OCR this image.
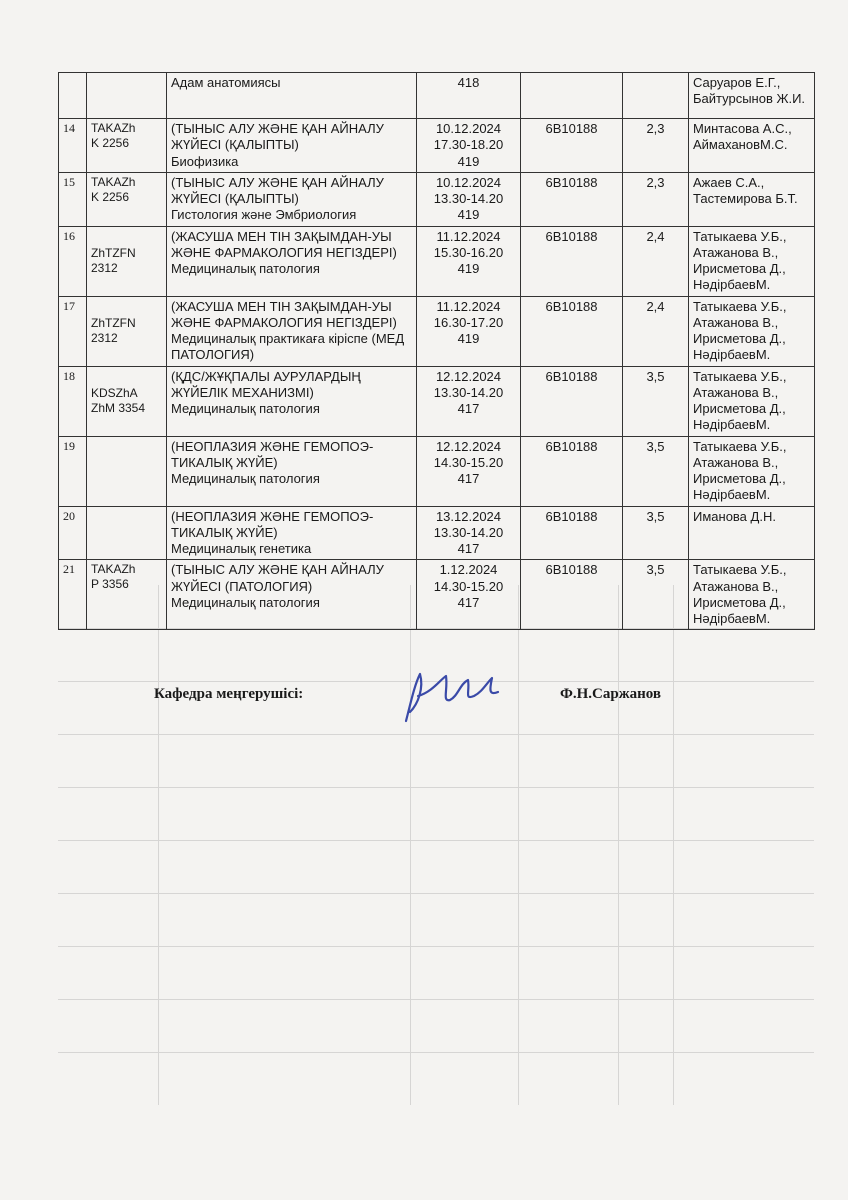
		Адам анатомиясы	418			Саруаров Е.Г.,
Байтурсынов Ж.И.

14	TAKAZh
K 2256	(ТЫНЫС АЛУ ЖӘНЕ ҚАН АЙНАЛУ ЖҮЙЕСІ (ҚАЛЫПТЫ)
Биофизика	10.12.2024
17.30-18.20
419	6В10188	2,3	Минтасова А.С.,
АймахановМ.С.

15	TAKAZh
K 2256	(ТЫНЫС АЛУ ЖӘНЕ ҚАН АЙНАЛУ ЖҮЙЕСІ (ҚАЛЫПТЫ)
Гистология және Эмбриология	10.12.2024
13.30-14.20
419	6В10188	2,3	Ажаев С.А.,
Тастемирова Б.Т.

16	ZhTZFN
2312	(ЖАСУША МЕН ТІН ЗАҚЫМДАН-УЫ ЖӘНЕ ФАРМАКОЛОГИЯ НЕГІЗДЕРІ)
Медициналық патология	11.12.2024
15.30-16.20
419	6В10188	2,4	Татыкаева У.Б.,
Атажанова В.,
Ирисметова Д.,
НәдірбаевМ.

17	ZhTZFN
2312	(ЖАСУША МЕН ТІН ЗАҚЫМДАН-УЫ ЖӘНЕ ФАРМАКОЛОГИЯ НЕГІЗДЕРІ)
Медициналық практикаға кіріспе (МЕД ПАТОЛОГИЯ)	11.12.2024
16.30-17.20
419	6В10188	2,4	Татыкаева У.Б.,
Атажанова В.,
Ирисметова Д.,
НәдірбаевМ.

18	KDSZhA
ZhM 3354	(ҚДС/ЖҰҚПАЛЫ АУРУЛАРДЫҢ ЖҮЙЕЛІК МЕХАНИЗМІ)
Медициналық патология	12.12.2024
13.30-14.20
417	6В10188	3,5	Татыкаева У.Б.,
Атажанова В.,
Ирисметова Д.,
НәдірбаевМ.

19		(НЕОПЛАЗИЯ ЖӘНЕ ГЕМОПОЭ-ТИКАЛЫҚ ЖҮЙЕ)
Медициналық патология	12.12.2024
14.30-15.20
417	6В10188	3,5	Татыкаева У.Б.,
Атажанова В.,
Ирисметова Д.,
НәдірбаевМ.

20		(НЕОПЛАЗИЯ ЖӘНЕ ГЕМОПОЭ-ТИКАЛЫҚ ЖҮЙЕ)
Медициналық генетика	13.12.2024
13.30-14.20
417	6В10188	3,5	Иманова Д.Н.

21	TAKAZh
P 3356	(ТЫНЫС АЛУ ЖӘНЕ ҚАН АЙНАЛУ ЖҮЙЕСІ (ПАТОЛОГИЯ)
Медициналық патология	1.12.2024
14.30-15.20
417	6В10188	3,5	Татыкаева У.Б.,
Атажанова В.,
Ирисметова Д.,
НәдірбаевМ.
Кафедра меңгерушісі:	Ф.Н.Саржанов
